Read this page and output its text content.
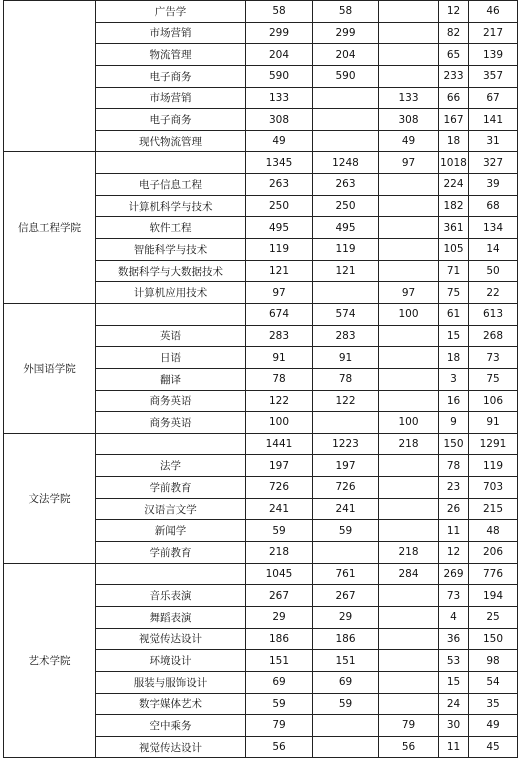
	广告学	58	58		12	46
	市场营销	299	299		82	217
	物流管理	204	204		65	139
	电子商务	590	590		233	357
	市场营销	133		133	66	67
	电子商务	308		308	167	141
	现代物流管理	49		49	18	31
信息工程学院		1345	1248	97	1018	327
	电子信息工程	263	263		224	39
	计算机科学与技术	250	250		182	68
	软件工程	495	495		361	134
	智能科学与技术	119	119		105	14
	数据科学与大数据技术	121	121		71	50
	计算机应用技术	97		97	75	22
外国语学院		674	574	100	61	613
	英语	283	283		15	268
	日语	91	91		18	73
	翻译	78	78		3	75
	商务英语	122	122		16	106
	商务英语	100		100	9	91
文法学院		1441	1223	218	150	1291
	法学	197	197		78	119
	学前教育	726	726		23	703
	汉语言文学	241	241		26	215
	新闻学	59	59		11	48
	学前教育	218		218	12	206
艺术学院		1045	761	284	269	776
	音乐表演	267	267		73	194
	舞蹈表演	29	29		4	25
	视觉传达设计	186	186		36	150
	环境设计	151	151		53	98
	服装与服饰设计	69	69		15	54
	数字媒体艺术	59	59		24	35
	空中乘务	79		79	30	49
	视觉传达设计	56		56	11	45
